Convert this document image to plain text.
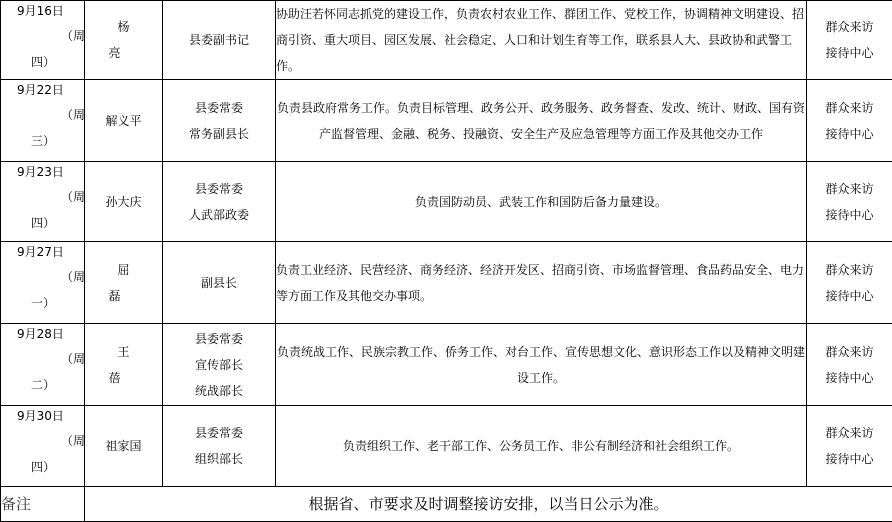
9月16日
（周
四）	杨亮	县委副书记	协助汪若怀同志抓党的建设工作，负责农村农业工作、群团工作、党校工作，协调精神文明建设、招商引资、重大项目、园区发展、社会稳定、人口和计划生育等工作，联系县人大、县政协和武警工作。	群众来访
接待中心

9月22日
（周
三）	解义平	县委常委
常务副县长	负责县政府常务工作。负责目标管理、政务公开、政务服务、政务督查、发改、统计、财政、国有资产监督管理、金融、税务、投融资、安全生产及应急管理等方面工作及其他交办工作	群众来访
接待中心

9月23日
（周
四）	孙大庆	县委常委
人武部政委	负责国防动员、武装工作和国防后备力量建设。	群众来访
接待中心

9月27日
（周
一）	屈磊	副县长	负责工业经济、民营经济、商务经济、经济开发区、招商引资、市场监督管理、食品药品安全、电力等方面工作及其他交办事项。	群众来访
接待中心

9月28日
（周
二）	王蓓	县委常委
宣传部长
统战部长	负责统战工作、民族宗教工作、侨务工作、对台工作、宣传思想文化、意识形态工作以及精神文明建设工作。	群众来访
接待中心

9月30日
（周
四）	祖家国	县委常委
组织部长	负责组织工作、老干部工作、公务员工作、非公有制经济和社会组织工作。	群众来访
接待中心

备注	根据省、市要求及时调整接访安排，以当日公示为准。			
